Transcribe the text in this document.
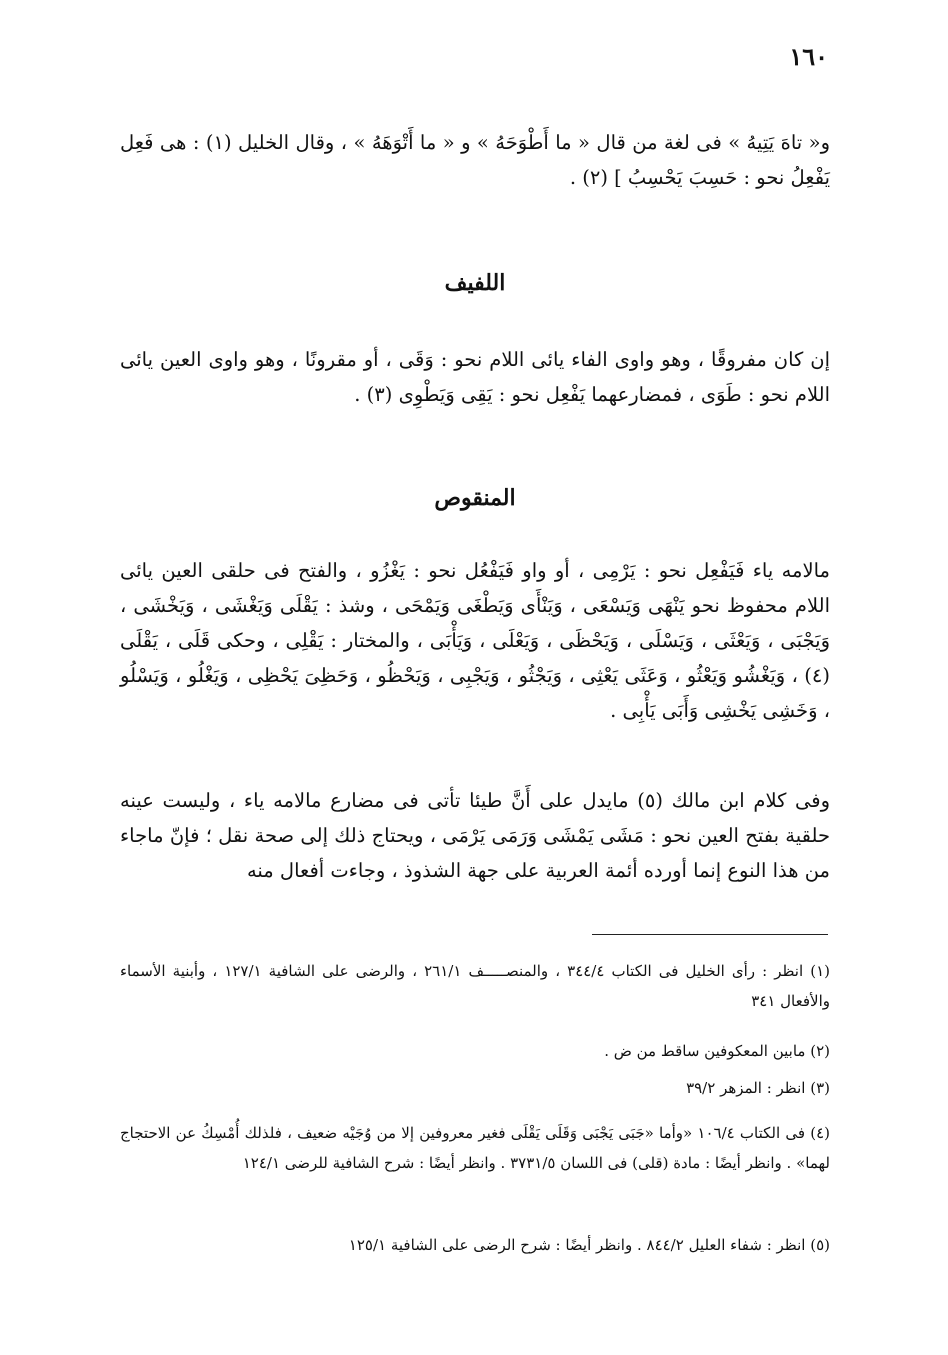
١٦٠

و« تاهَ يَتِيهُ » فى لغة من قال « ما أَطْوَحَهُ » و « ما أَتْوَهَهُ » ، وقال الخليل (١) : هى فَعِل يَفْعِلُ نحو : حَسِبَ يَحْسِبُ ] (٢) .

اللفيف

إن كان مفروقًا ، وهو واوى الفاء يائى اللام نحو : وَقَى ، أو مقرونًا ، وهو واوى العين يائى اللام نحو : طَوَى ، فمضارعهما يَفْعِل نحو : يَقِى وَيَطْوِى (٣) .

المنقوص

مالامه ياء فَيَفْعِل نحو : يَرْمِى ، أو واو فَيَفْعُل نحو : يَغْزُو ، والفتح فى حلقى العين يائى اللام محفوظ نحو يَنْهَى وَيَسْعَى ، وَيَنْأَى وَيَطْغَى وَيَمْحَى ، وشذ : يَقْلَى وَيَغْشَى ، وَيَخْشَى ، وَيَجْبَى ، وَيَعْثَى ، وَيَسْلَى ، وَيَحْظَى ، وَيَعْلَى ، وَيَأْبَى ، والمختار : يَقْلِى ، وحكى قَلَى ، يَقْلَى (٤) ، وَيَغْشُو وَيَعْثُو ، وَعَثَى يَعْثِى ، وَيَجْثُو ، وَيَجْبِى ، وَيَحْظُو ، وَحَظِىَ يَحْظِى ، وَيَغْلُو ، وَيَسْلُو ، وَخَشِى يَخْشِى وَأَبَى يَأْبِى .

وفى كلام ابن مالك (٥) مايدل على أَنَّ طيئا تأتى فى مضارع مالامه ياء ، وليست عينه حلقية بفتح العين نحو : مَشَى يَمْشَى وَرَمَى يَرْمَى ، ويحتاج ذلك إلى صحة نقل ؛ فإنّ ماجاء من هذا النوع إنما أورده أئمة العربية على جهة الشذوذ ، وجاءت أفعال منه

(١) انظر : رأى الخليل فى الكتاب ٣٤٤/٤ ، والمنصـــــف ٢٦١/١ ، والرضى على الشافية ١٢٧/١ ، وأبنية الأسماء والأفعال ٣٤١

(٢) مابين المعكوفين ساقط من ض .

(٣) انظر : المزهر ٣٩/٢

(٤) فى الكتاب ١٠٦/٤ «وأما «جَبَى يَجْبَى وَقَلَى يَقْلَى فغير معروفين إلا من وُجَيْه ضعيف ، فلذلك أُمْسِكُ عن الاحتجاج لهما» . وانظر أيضًا : مادة (قلى) فى اللسان ٣٧٣١/٥ . وانظر أيضًا : شرح الشافية للرضى ١٢٤/١

(٥) انظر : شفاء العليل ٨٤٤/٢ . وانظر أيضًا : شرح الرضى على الشافية ١٢٥/١
